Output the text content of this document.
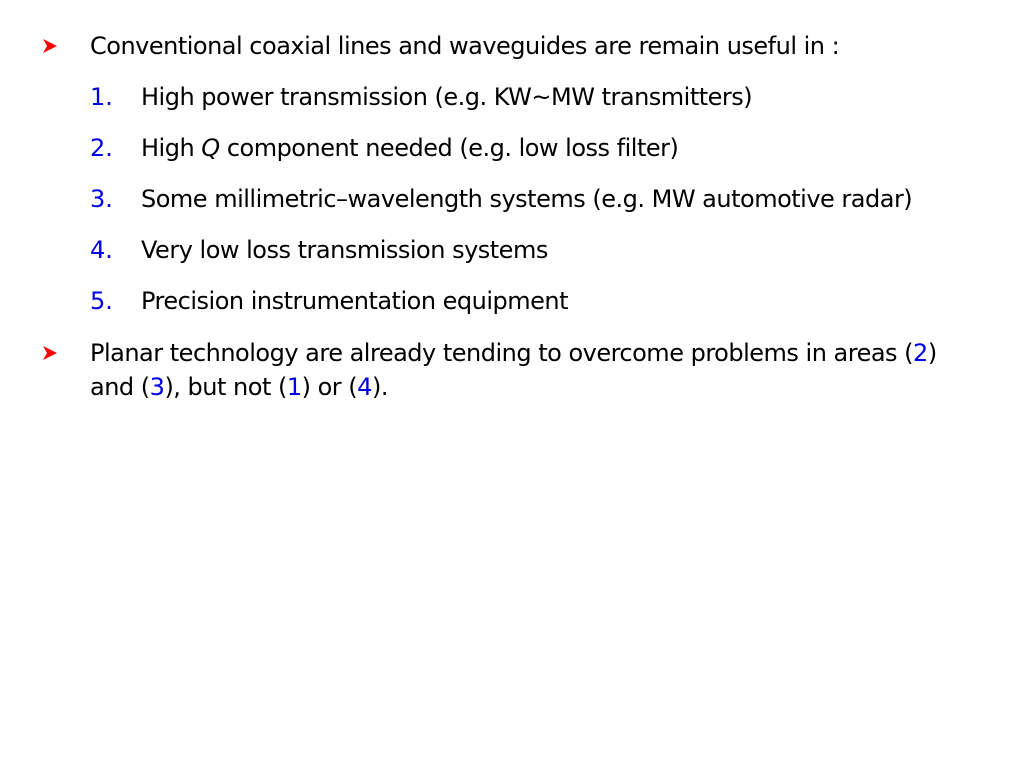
Conventional coaxial lines and waveguides are remain useful in :
1. High power transmission (e.g. KW~MW transmitters)
2. High Q component needed (e.g. low loss filter)
3. Some millimetric–wavelength systems (e.g. MW automotive radar)
4. Very low loss transmission systems
5. Precision instrumentation equipment
Planar technology are already tending to overcome problems in areas (2)
and (3), but not (1) or (4).
